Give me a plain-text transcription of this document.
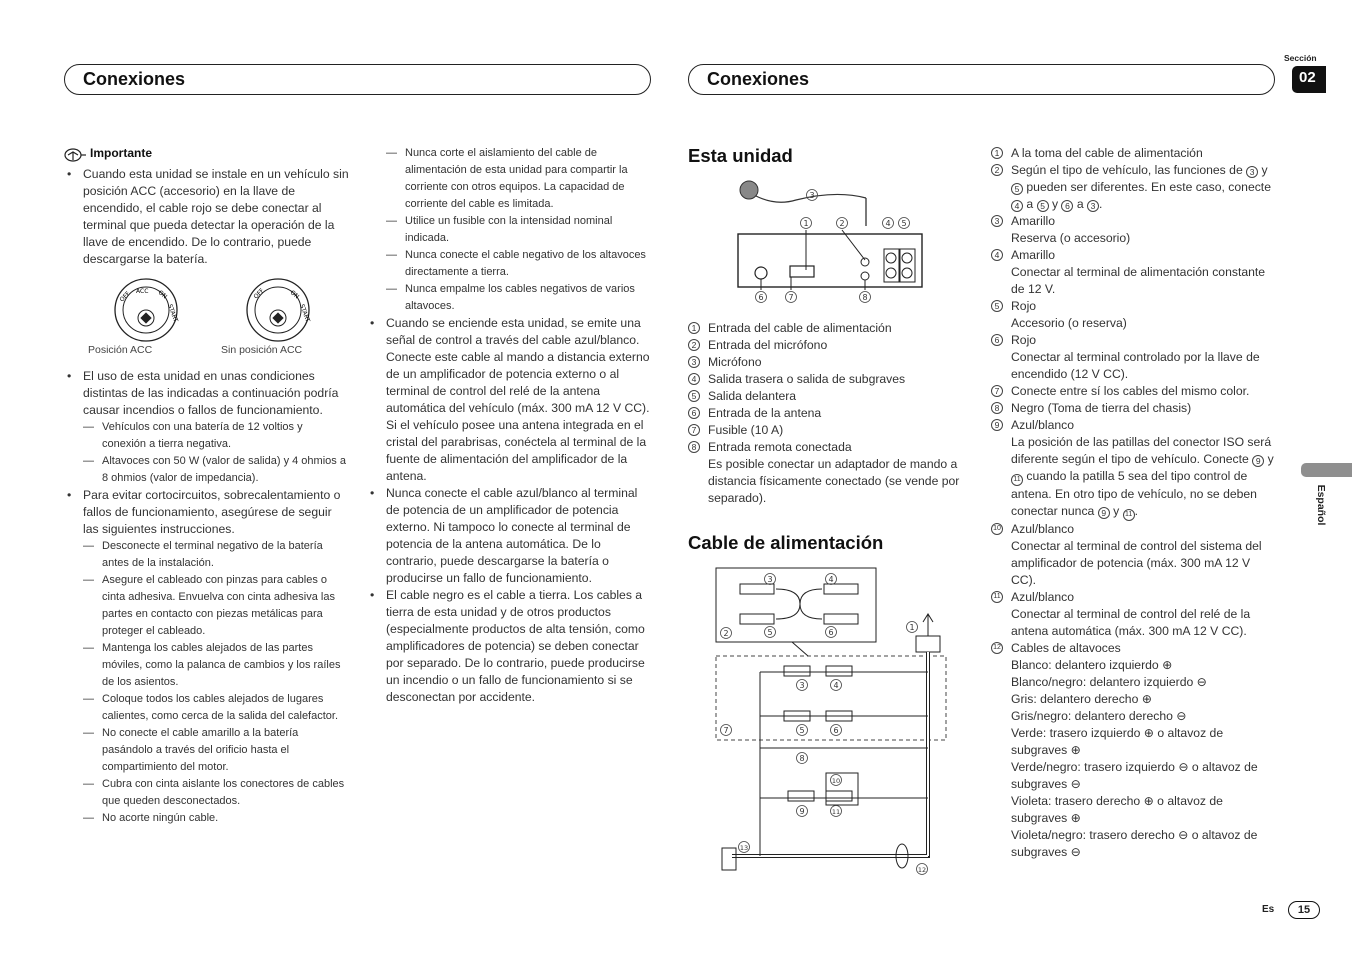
Conexiones	Conexiones
Sección
02
Español
Es	15
Importante
• Cuando esta unidad se instale en un vehículo sin posición ACC (accesorio) en la llave de encendido, el cable rojo se debe conectar al terminal que pueda detectar la operación de la llave de encendido. De lo contrario, puede descargarse la batería.
OFF ACC ON
START
OFF	ON
START
Posición ACC	Sin posición ACC
• El uso de esta unidad en unas condiciones distintas de las indicadas a continuación podría causar incendios o fallos de funcionamiento.
— Vehículos con una batería de 12 voltios y conexión a tierra negativa.
— Altavoces con 50 W (valor de salida) y 4 ohmios a 8 ohmios (valor de impedancia).
• Para evitar cortocircuitos, sobrecalentamiento o fallos de funcionamiento, asegúrese de seguir las siguientes instrucciones.
— Desconecte el terminal negativo de la batería antes de la instalación.
— Asegure el cableado con pinzas para cables o cinta adhesiva. Envuelva con cinta adhesiva las partes en contacto con piezas metálicas para proteger el cableado.
— Mantenga los cables alejados de las partes móviles, como la palanca de cambios y los raíles de los asientos.
— Coloque todos los cables alejados de lugares calientes, como cerca de la salida del calefactor.
— No conecte el cable amarillo a la batería pasándolo a través del orificio hasta el compartimiento del motor.
— Cubra con cinta aislante los conectores de cables que queden desconectados.
— No acorte ningún cable.
— Nunca corte el aislamiento del cable de alimentación de esta unidad para compartir la corriente con otros equipos. La capacidad de corriente del cable es limitada.
— Utilice un fusible con la intensidad nominal indicada.
— Nunca conecte el cable negativo de los altavoces directamente a tierra.
— Nunca empalme los cables negativos de varios altavoces.
• Cuando se enciende esta unidad, se emite una señal de control a través del cable azul/blanco. Conecte este cable al mando a distancia externo de un amplificador de potencia externo o al terminal de control del relé de la antena automática del vehículo (máx. 300 mA 12 V CC). Si el vehículo posee una antena integrada en el cristal del parabrisas, conéctela al terminal de la fuente de alimentación del amplificador de la antena.
• Nunca conecte el cable azul/blanco al terminal de potencia de un amplificador de potencia externo. Ni tampoco lo conecte al terminal de potencia de la antena automática. De lo contrario, puede descargarse la batería o producirse un fallo de funcionamiento.
• El cable negro es el cable a tierra. Los cables a tierra de esta unidad y de otros productos (especialmente productos de alta tensión, como amplificadores de potencia) se deben conectar por separado. De lo contrario, puede producirse un incendio o un fallo de funcionamiento si se desconectan por accidente.
Esta unidad
3
1	2	4 5
6	7	8
1 Entrada del cable de alimentación
2 Entrada del micrófono
3 Micrófono
4 Salida trasera o salida de subgraves
5 Salida delantera
6 Entrada de la antena
7 Fusible (10 A)
8 Entrada remota conectada
Es posible conectar un adaptador de mando a distancia físicamente conectado (se vende por separado).
Cable de alimentación
3	4
2	5	6
1
3	4
7	5	6
8
10
9	11
13
12
1 A la toma del cable de alimentación
2 Según el tipo de vehículo, las funciones de 3 y 5 pueden ser diferentes. En este caso, conecte 4 a 5 y 6 a 3 .
3 Amarillo
Reserva (o accesorio)
4 Amarillo
Conectar al terminal de alimentación constante de 12 V.
5 Rojo
Accesorio (o reserva)
6 Rojo
Conectar al terminal controlado por la llave de encendido (12 V CC).
7 Conecte entre sí los cables del mismo color.
8 Negro (Toma de tierra del chasis)
9 Azul/blanco
La posición de las patillas del conector ISO será diferente según el tipo de vehículo. Conecte 9 y 11 cuando la patilla 5 sea del tipo control de antena. En otro tipo de vehículo, no se deben conectar nunca 9 y 11 .
10 Azul/blanco
Conectar al terminal de control del sistema del amplificador de potencia (máx. 300 mA 12 V CC).
11 Azul/blanco
Conectar al terminal de control del relé de la antena automática (máx. 300 mA 12 V CC).
12 Cables de altavoces
Blanco: delantero izquierdo ⊕
Blanco/negro: delantero izquierdo ⊖
Gris: delantero derecho ⊕
Gris/negro: delantero derecho ⊖
Verde: trasero izquierdo ⊕ o altavoz de subgraves ⊕
Verde/negro: trasero izquierdo ⊖ o altavoz de subgraves ⊖
Violeta: trasero derecho ⊕ o altavoz de subgraves ⊕
Violeta/negro: trasero derecho ⊖ o altavoz de subgraves ⊖
